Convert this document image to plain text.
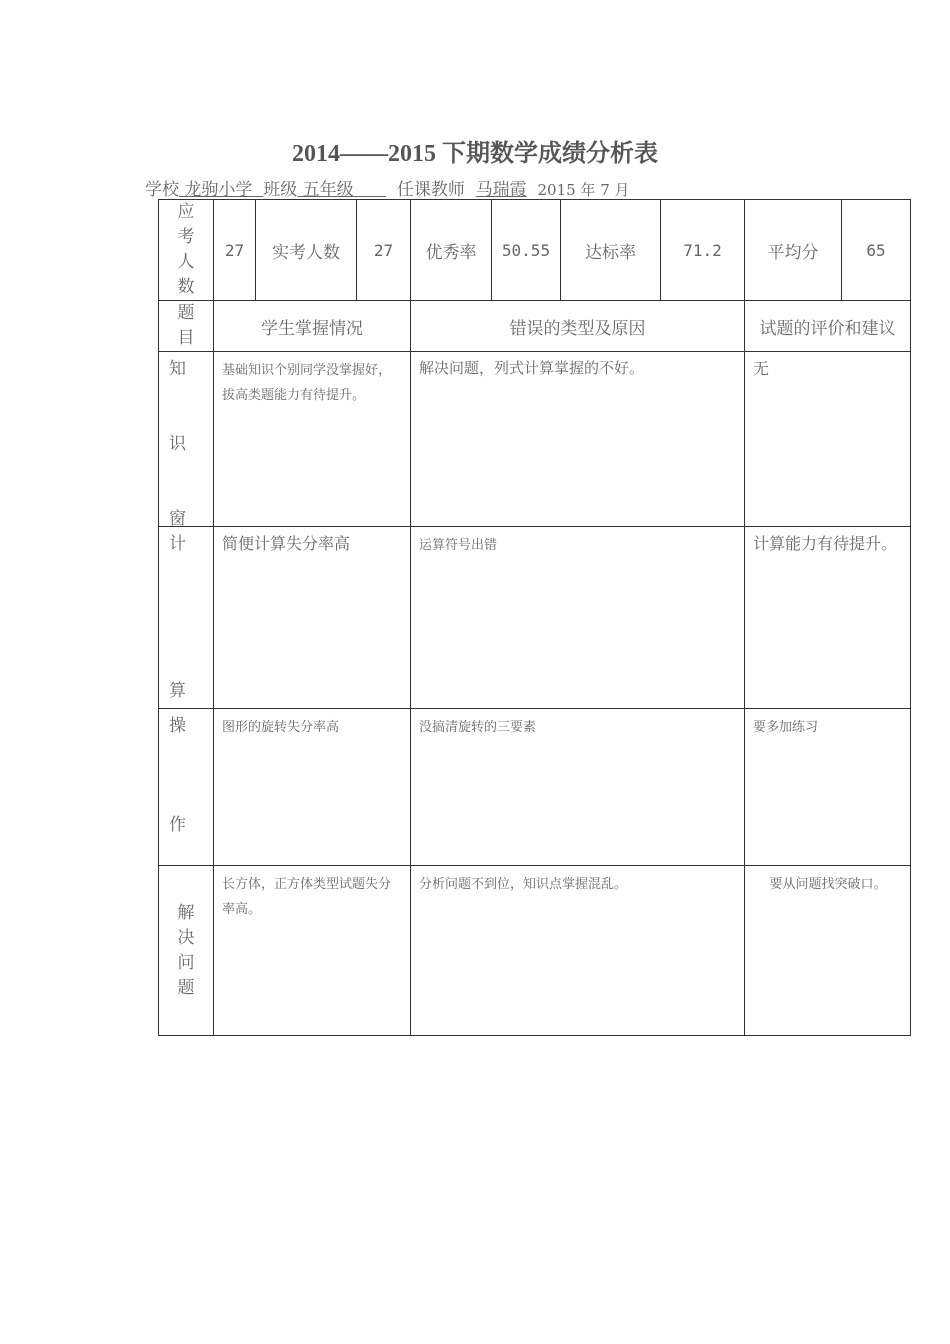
2014——2015 下期数学成绩分析表
学校 龙驹小学 班级 五年级	任课教师 马瑞霞 2015 年 7 月
应
考
人
数	27	实考人数	27	优秀率	50.55	达标率	71.2	平均分	65
题
目	学生掌握情况			错误的类型及原因				试题的评价和建议	

知
识
窗	基础知识个别同学没掌握好，拔高类题能力有待提升。			解决问题，列式计算掌握的不好。				无	

计
算	简便计算失分率高			运算符号出错				计算能力有待提升。	

操
作	图形的旋转失分率高			没搞清旋转的三要素				要多加练习	
解
决
问
题	长方体，正方体类型试题失分率高。			分析问题不到位，知识点掌握混乱。				要从问题找突破口。	
